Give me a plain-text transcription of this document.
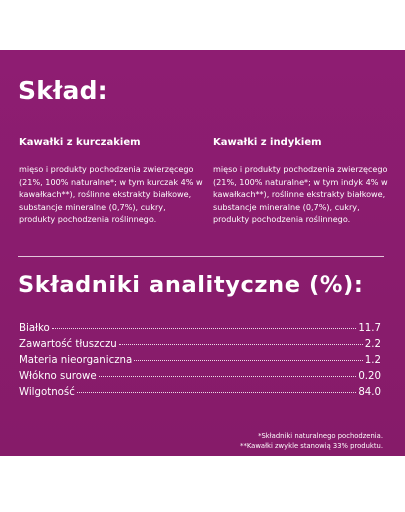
Skład:
Kawałki z kurczakiem

mięso i produkty pochodzenia zwierzęcego (21%, 100% naturalne*; w tym kurczak 4% w kawałkach**), roślinne ekstrakty białkowe, substancje mineralne (0,7%), cukry, produkty pochodzenia roślinnego.

Kawałki z indykiem

mięso i produkty pochodzenia zwierzęcego (21%, 100% naturalne*; w tym indyk 4% w kawałkach**), roślinne ekstrakty białkowe, substancje mineralne (0,7%), cukry, produkty pochodzenia roślinnego.

Składniki analityczne (%):
Białko	11.7
Zawartość tłuszczu	2.2
Materia nieorganiczna	1.2
Włókno surowe	0.20
Wilgotność	84.0
*Składniki naturalnego pochodzenia.
**Kawałki zwykle stanowią 33% produktu.
